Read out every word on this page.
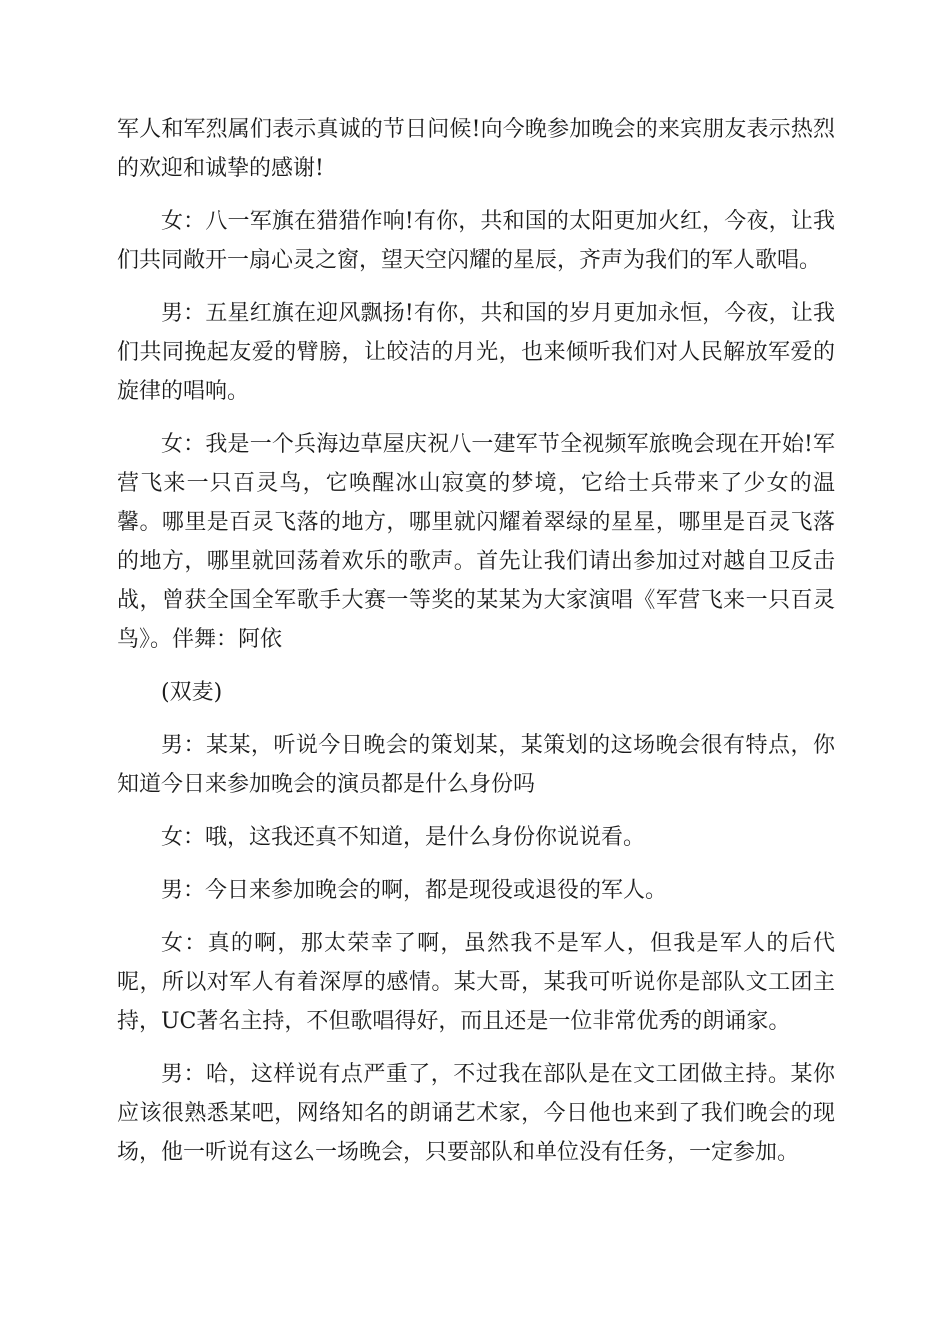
军人和军烈属们表示真诚的节日问候!向今晚参加晚会的来宾朋友表示热烈的欢迎和诚挚的感谢!

女：八一军旗在猎猎作响!有你，共和国的太阳更加火红，今夜，让我们共同敞开一扇心灵之窗，望天空闪耀的星辰，齐声为我们的军人歌唱。

男：五星红旗在迎风飘扬!有你，共和国的岁月更加永恒，今夜，让我们共同挽起友爱的臂膀，让皎洁的月光，也来倾听我们对人民解放军爱的旋律的唱响。

女：我是一个兵海边草屋庆祝八一建军节全视频军旅晚会现在开始!军营飞来一只百灵鸟，它唤醒冰山寂寞的梦境，它给士兵带来了少女的温馨。哪里是百灵飞落的地方，哪里就闪耀着翠绿的星星，哪里是百灵飞落的地方，哪里就回荡着欢乐的歌声。首先让我们请出参加过对越自卫反击战，曾获全国全军歌手大赛一等奖的某某为大家演唱《军营飞来一只百灵鸟》。伴舞：阿依

(双麦)

男：某某，听说今日晚会的策划某，某策划的这场晚会很有特点，你知道今日来参加晚会的演员都是什么身份吗

女：哦，这我还真不知道，是什么身份你说说看。

男：今日来参加晚会的啊，都是现役或退役的军人。

女：真的啊，那太荣幸了啊，虽然我不是军人，但我是军人的后代呢，所以对军人有着深厚的感情。某大哥，某我可听说你是部队文工团主持，UC著名主持，不但歌唱得好，而且还是一位非常优秀的朗诵家。

男：哈，这样说有点严重了，不过我在部队是在文工团做主持。某你应该很熟悉某吧，网络知名的朗诵艺术家，今日他也来到了我们晚会的现场，他一听说有这么一场晚会，只要部队和单位没有任务，一定参加。
